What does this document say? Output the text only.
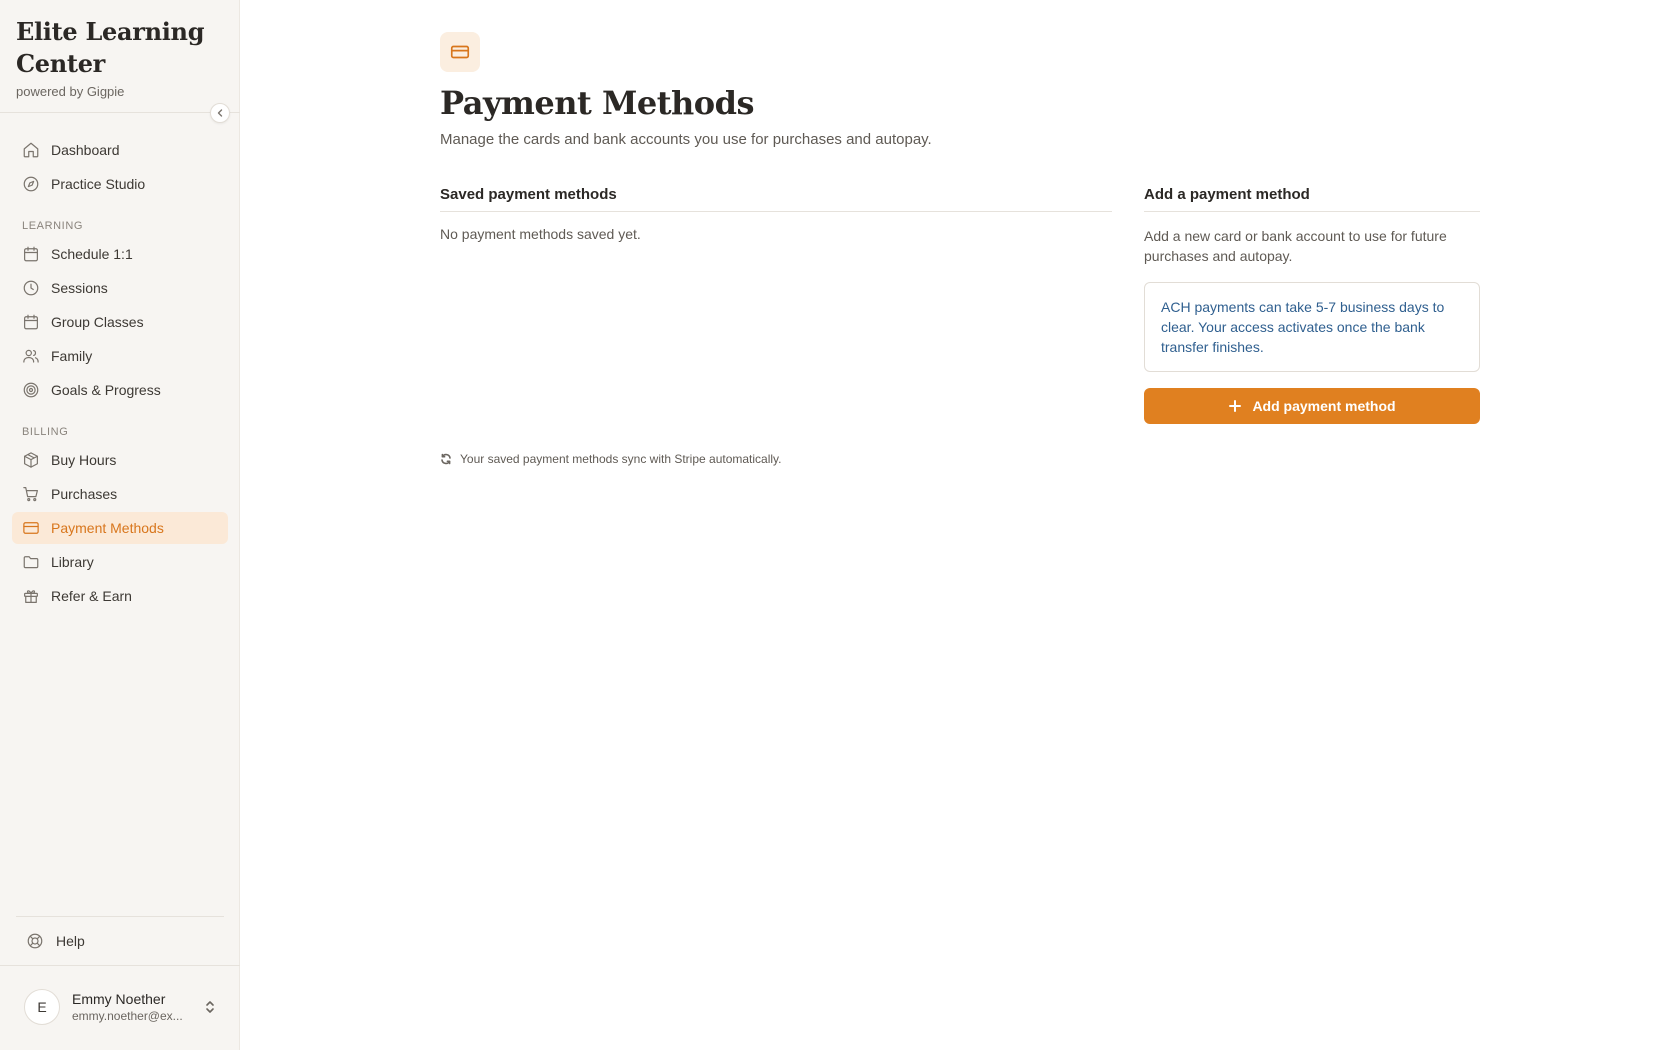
Elite Learning Center
powered by Gigpie
Dashboard
Practice Studio
LEARNING
Schedule 1:1
Sessions
Group Classes
Family
Goals & Progress
BILLING
Buy Hours
Purchases
Payment Methods
Library
Refer & Earn
Help
E	Emmy Noether
emmy.noether@ex...
Payment Methods

Manage the cards and bank accounts you use for purchases and autopay.

Saved payment methods
No payment methods saved yet.
Add a payment method
Add a new card or bank account to use for future purchases and autopay.
ACH payments can take 5-7 business days to clear. Your access activates once the bank transfer finishes.
Add payment method
Your saved payment methods sync with Stripe automatically.
